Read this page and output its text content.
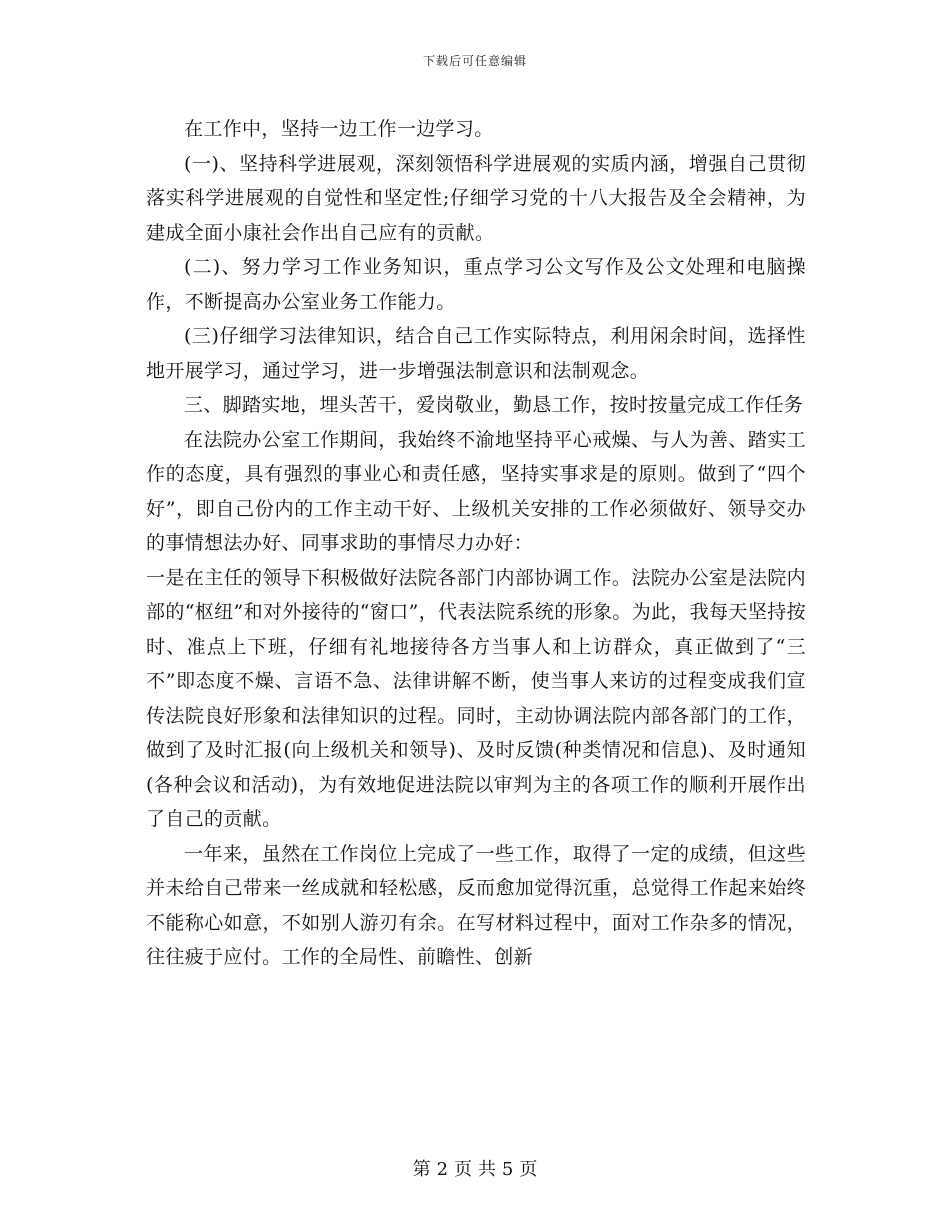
下载后可任意编辑

在工作中，坚持一边工作一边学习。

(一)、坚持科学进展观，深刻领悟科学进展观的实质内涵，增强自己贯彻落实科学进展观的自觉性和坚定性;仔细学习党的十八大报告及全会精神，为建成全面小康社会作出自己应有的贡献。

(二)、努力学习工作业务知识，重点学习公文写作及公文处理和电脑操作，不断提高办公室业务工作能力。

(三)仔细学习法律知识，结合自己工作实际特点，利用闲余时间，选择性地开展学习，通过学习，进一步增强法制意识和法制观念。

三、脚踏实地，埋头苦干，爱岗敬业，勤恳工作，按时按量完成工作任务

在法院办公室工作期间，我始终不渝地坚持平心戒燥、与人为善、踏实工作的态度，具有强烈的事业心和责任感，坚持实事求是的原则。做到了“四个好”，即自己份内的工作主动干好、上级机关安排的工作必须做好、领导交办的事情想法办好、同事求助的事情尽力办好：

一是在主任的领导下积极做好法院各部门内部协调工作。法院办公室是法院内部的“枢纽”和对外接待的“窗口”，代表法院系统的形象。为此，我每天坚持按时、准点上下班，仔细有礼地接待各方当事人和上访群众，真正做到了“三不”即态度不燥、言语不急、法律讲解不断，使当事人来访的过程变成我们宣传法院良好形象和法律知识的过程。同时，主动协调法院内部各部门的工作，做到了及时汇报(向上级机关和领导)、及时反馈(种类情况和信息)、及时通知(各种会议和活动)，为有效地促进法院以审判为主的各项工作的顺利开展作出了自己的贡献。

一年来，虽然在工作岗位上完成了一些工作，取得了一定的成绩，但这些并未给自己带来一丝成就和轻松感，反而愈加觉得沉重，总觉得工作起来始终不能称心如意，不如别人游刃有余。在写材料过程中，面对工作杂多的情况，往往疲于应付。工作的全局性、前瞻性、创新

第 2 页 共 5 页
